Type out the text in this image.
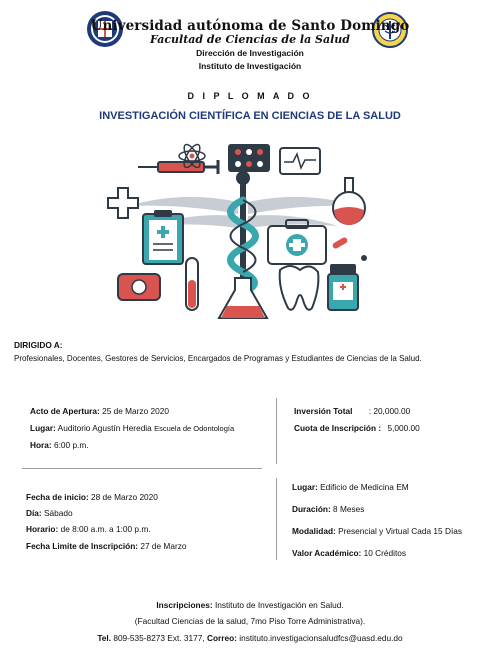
Universidad autónoma de Santo Domingo
Facultad de Ciencias de la Salud
Dirección de Investigación
Instituto de Investigación
D I P L O M A D O
INVESTIGACIÓN CIENTÍFICA EN CIENCIAS DE LA SALUD
DIRIGIDO A:
Profesionales, Docentes, Gestores de Servicios, Encargados de Programas y Estudiantes de Ciencias de la Salud.
Acto de Apertura: 25 de Marzo 2020
Lugar: Auditorio Agustín Heredia Escuela de Odontología
Hora: 6:00 p.m.
Inversión Total : 20,000.00
Cuota de Inscripción : 5,000.00
Fecha de inicio: 28 de Marzo 2020
Día: Sábado
Horario: de 8:00 a.m. a 1:00 p.m.
Fecha Limite de Inscripción: 27 de Marzo
Lugar: Edificio de Medicina EM
Duración: 8 Meses
Modalidad: Presencial y Virtual Cada 15 Días
Valor Académico: 10 Créditos
Inscripciones: Instituto de Investigación en Salud.
(Facultad Ciencias de la salud, 7mo Piso Torre Administrativa).
Tel. 809-535-8273 Ext. 3177, Correo: instituto.investigacionsaludfcs@uasd.edu.do
